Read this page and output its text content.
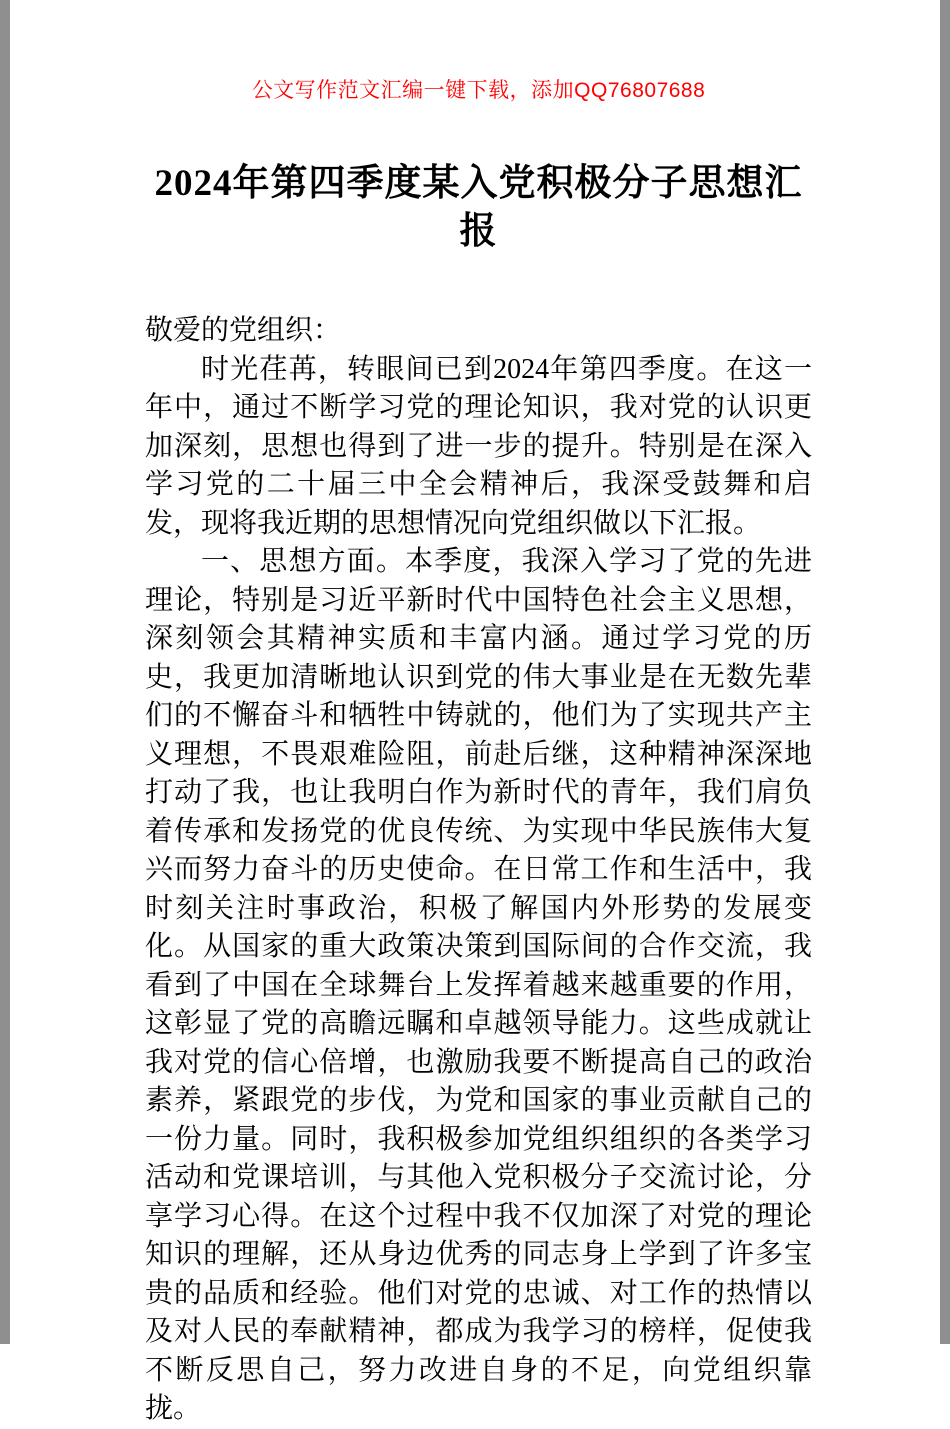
公文写作范文汇编一键下载，添加QQ76807688
2024年第四季度某入党积极分子思想汇报

敬爱的党组织：

时光荏苒，转眼间已到2024年第四季度。在这一年中，通过不断学习党的理论知识，我对党的认识更加深刻，思想也得到了进一步的提升。特别是在深入学习党的二十届三中全会精神后，我深受鼓舞和启发，现将我近期的思想情况向党组织做以下汇报。

一、思想方面。本季度，我深入学习了党的先进理论，特别是习近平新时代中国特色社会主义思想，深刻领会其精神实质和丰富内涵。通过学习党的历史，我更加清晰地认识到党的伟大事业是在无数先辈们的不懈奋斗和牺牲中铸就的，他们为了实现共产主义理想，不畏艰难险阻，前赴后继，这种精神深深地打动了我，也让我明白作为新时代的青年，我们肩负着传承和发扬党的优良传统、为实现中华民族伟大复兴而努力奋斗的历史使命。在日常工作和生活中，我时刻关注时事政治，积极了解国内外形势的发展变化。从国家的重大政策决策到国际间的合作交流，我看到了中国在全球舞台上发挥着越来越重要的作用，这彰显了党的高瞻远瞩和卓越领导能力。这些成就让我对党的信心倍增，也激励我要不断提高自己的政治素养，紧跟党的步伐，为党和国家的事业贡献自己的一份力量。同时，我积极参加党组织组织的各类学习活动和党课培训，与其他入党积极分子交流讨论，分享学习心得。在这个过程中我不仅加深了对党的理论知识的理解，还从身边优秀的同志身上学到了许多宝贵的品质和经验。他们对党的忠诚、对工作的热情以及对人民的奉献精神，都成为我学习的榜样，促使我不断反思自己，努力改进自身的不足，向党组织靠拢。
